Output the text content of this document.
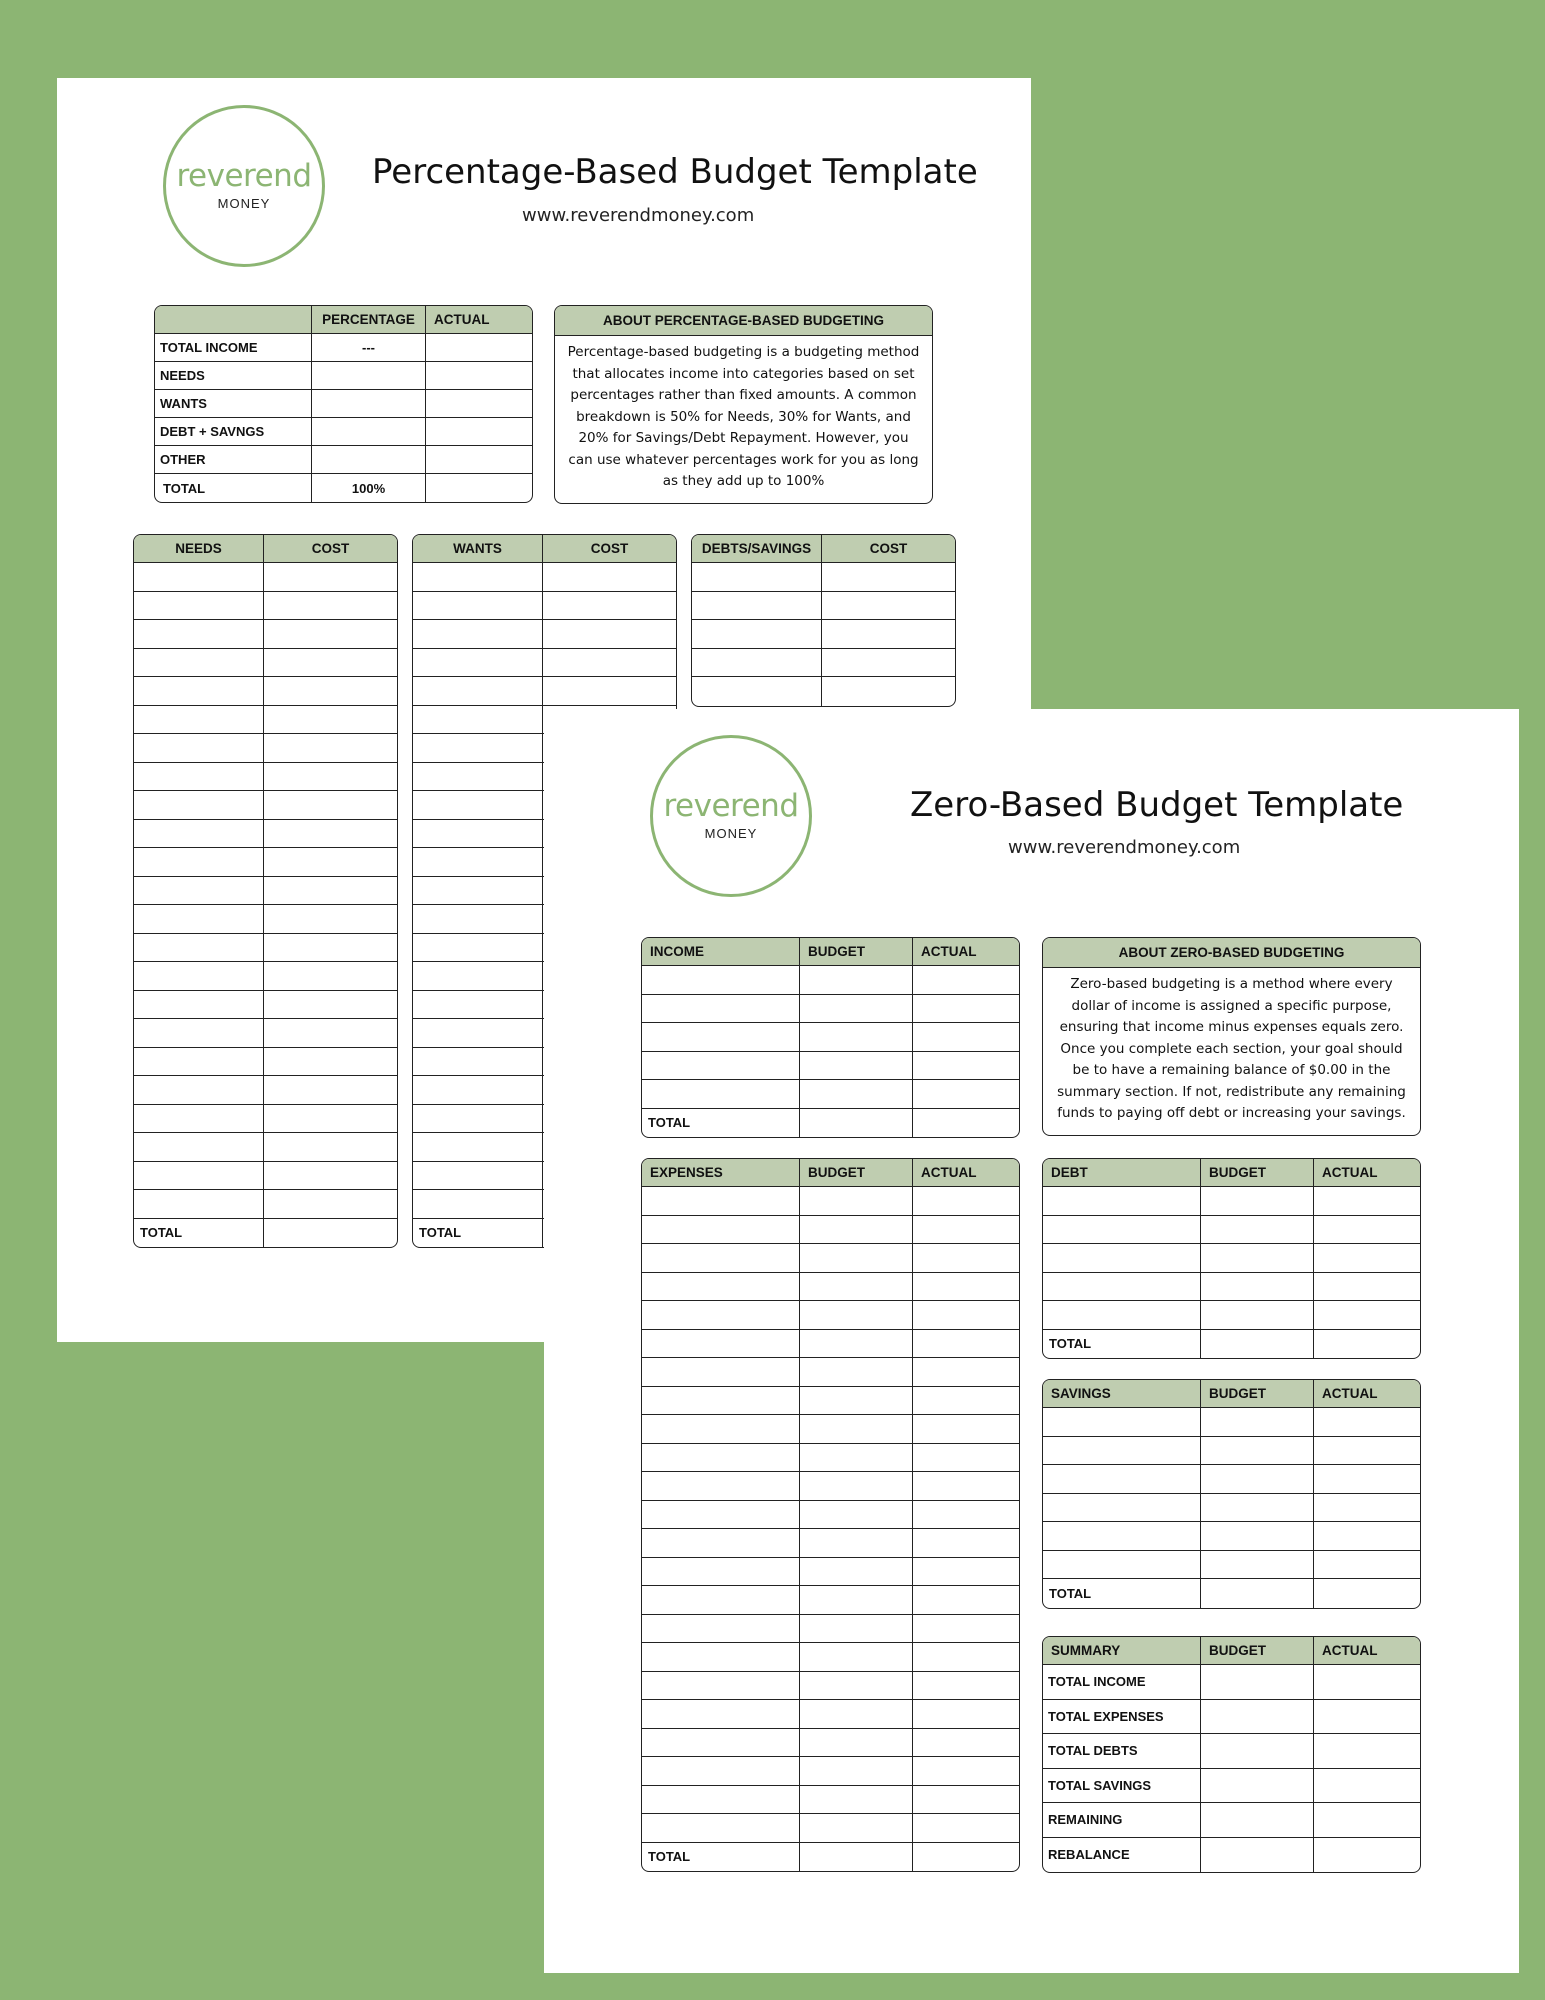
reverend
MONEY
Percentage-Based Budget Template
www.reverendmoney.com
	PERCENTAGE	ACTUAL
TOTAL INCOME	---	
NEEDS		
WANTS		
DEBT + SAVNGS		
OTHER		
TOTAL	100%	
ABOUT PERCENTAGE-BASED BUDGETING
Percentage-based budgeting is a budgeting method that allocates income into categories based on set percentages rather than fixed amounts. A common breakdown is 50% for Needs, 30% for Wants, and 20% for Savings/Debt Repayment. However, you can use whatever percentages work for you as long as they add up to 100%
NEEDS	COST

TOTAL	
WANTS	COST

TOTAL	
DEBTS/SAVINGS	COST

reverend
MONEY
Zero-Based Budget Template
www.reverendmoney.com
INCOME	BUDGET	ACTUAL

TOTAL		
ABOUT ZERO-BASED BUDGETING
Zero-based budgeting is a method where every dollar of income is assigned a specific purpose, ensuring that income minus expenses equals zero. Once you complete each section, your goal should be to have a remaining balance of $0.00 in the summary section. If not, redistribute any remaining funds to paying off debt or increasing your savings.
EXPENSES	BUDGET	ACTUAL

TOTAL		
DEBT	BUDGET	ACTUAL

TOTAL		
SAVINGS	BUDGET	ACTUAL

TOTAL		
SUMMARY	BUDGET	ACTUAL
TOTAL INCOME		
TOTAL EXPENSES		
TOTAL DEBTS		
TOTAL SAVINGS		
REMAINING		
REBALANCE		
